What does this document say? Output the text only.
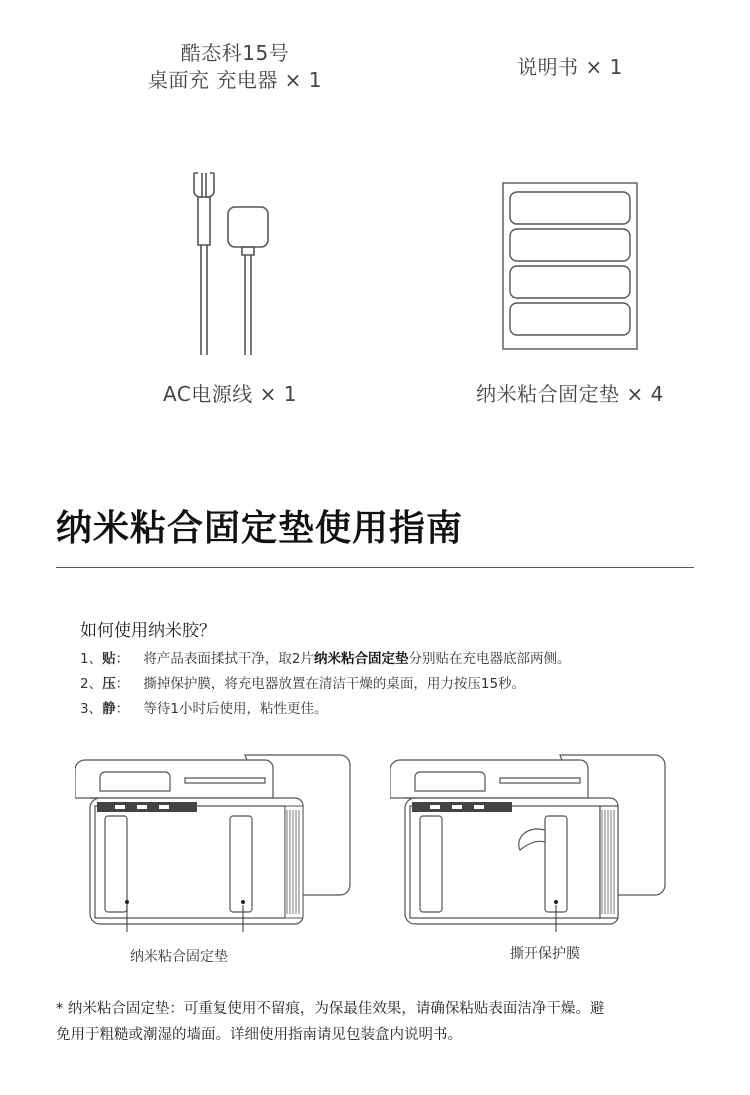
酷态科15号
桌面充 充电器 × 1
说明书 × 1
AC电源线 × 1	纳米粘合固定垫 × 4
纳米粘合固定垫使用指南
如何使用纳米胶？
1、贴： 将产品表面揉拭干净，取2片纳米粘合固定垫分别贴在充电器底部两侧。
2、压： 撕掉保护膜，将充电器放置在清洁干燥的桌面，用力按压15秒。
3、静： 等待1小时后使用，粘性更佳。
纳米粘合固定垫	撕开保护膜
* 纳米粘合固定垫：可重复使用不留痕，为保最佳效果，请确保粘贴表面洁净干燥。避
免用于粗糙或潮湿的墙面。详细使用指南请见包装盒内说明书。
